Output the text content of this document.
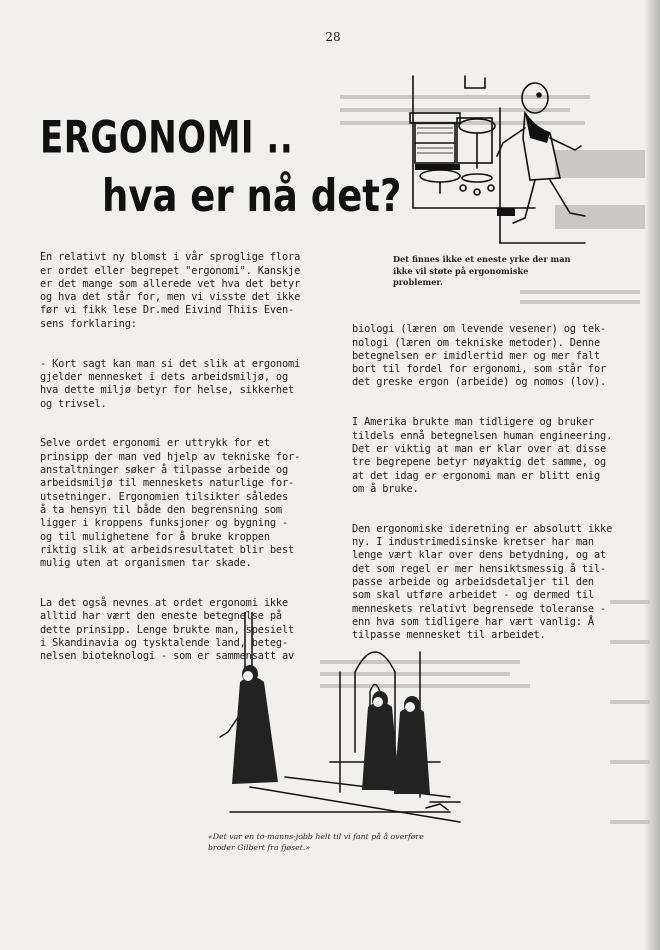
28
ERGONOMI ..
hva er nå det?
Det finnes ikke et eneste yrke der man
ikke vil støte på ergonomiske
problemer.

En relativt ny blomst i vår sproglige flora
er ordet eller begrepet "ergonomi". Kanskje
er det mange som allerede vet hva det betyr
og hva det står for, men vi visste det ikke
før vi fikk lese Dr.med Eivind Thiis Even-
sens forklaring:

- Kort sagt kan man si det slik at ergonomi
gjelder mennesket i dets arbeidsmiljø, og
hva dette miljø betyr for helse, sikkerhet
og trivsel.

Selve ordet ergonomi er uttrykk for et
prinsipp der man ved hjelp av tekniske for-
anstaltninger søker å tilpasse arbeide og
arbeidsmiljø til menneskets naturlige for-
utsetninger. Ergonomien tilsikter således
å ta hensyn til både den begrensning som
ligger i kroppens funksjoner og bygning -
og til mulighetene for å bruke kroppen
riktig slik at arbeidsresultatet blir best
mulig uten at organismen tar skade.

La det også nevnes at ordet ergonomi ikke
alltid har vært den eneste betegnelse på
dette prinsipp. Lenge brukte man, spesielt
i Skandinavia og tysktalende land, beteg-
nelsen bioteknologi - som er sammensatt av

biologi (læren om levende vesener) og tek-
nologi (læren om tekniske metoder). Denne
betegnelsen er imidlertid mer og mer falt
bort til fordel for ergonomi, som står for
det greske ergon (arbeide) og nomos (lov).

I Amerika brukte man tidligere og bruker
tildels ennå betegnelsen human engineering.
Det er viktig at man er klar over at disse
tre begrepene betyr nøyaktig det samme, og
at det idag er ergonomi man er blitt enig
om å bruke.

Den ergonomiske ideretning er absolutt ikke
ny. I industrimedisinske kretser har man
lenge vært klar over dens betydning, og at
det som regel er mer hensiktsmessig å til-
passe arbeide og arbeidsdetaljer til den
som skal utføre arbeidet - og dermed til
menneskets relativt begrensede toleranse -
enn hva som tidligere har vært vanlig: Å
tilpasse mennesket til arbeidet.

«Det var en to-manns-jobb helt til vi fant på å overføre
broder Gilbert fra fjøset.»
